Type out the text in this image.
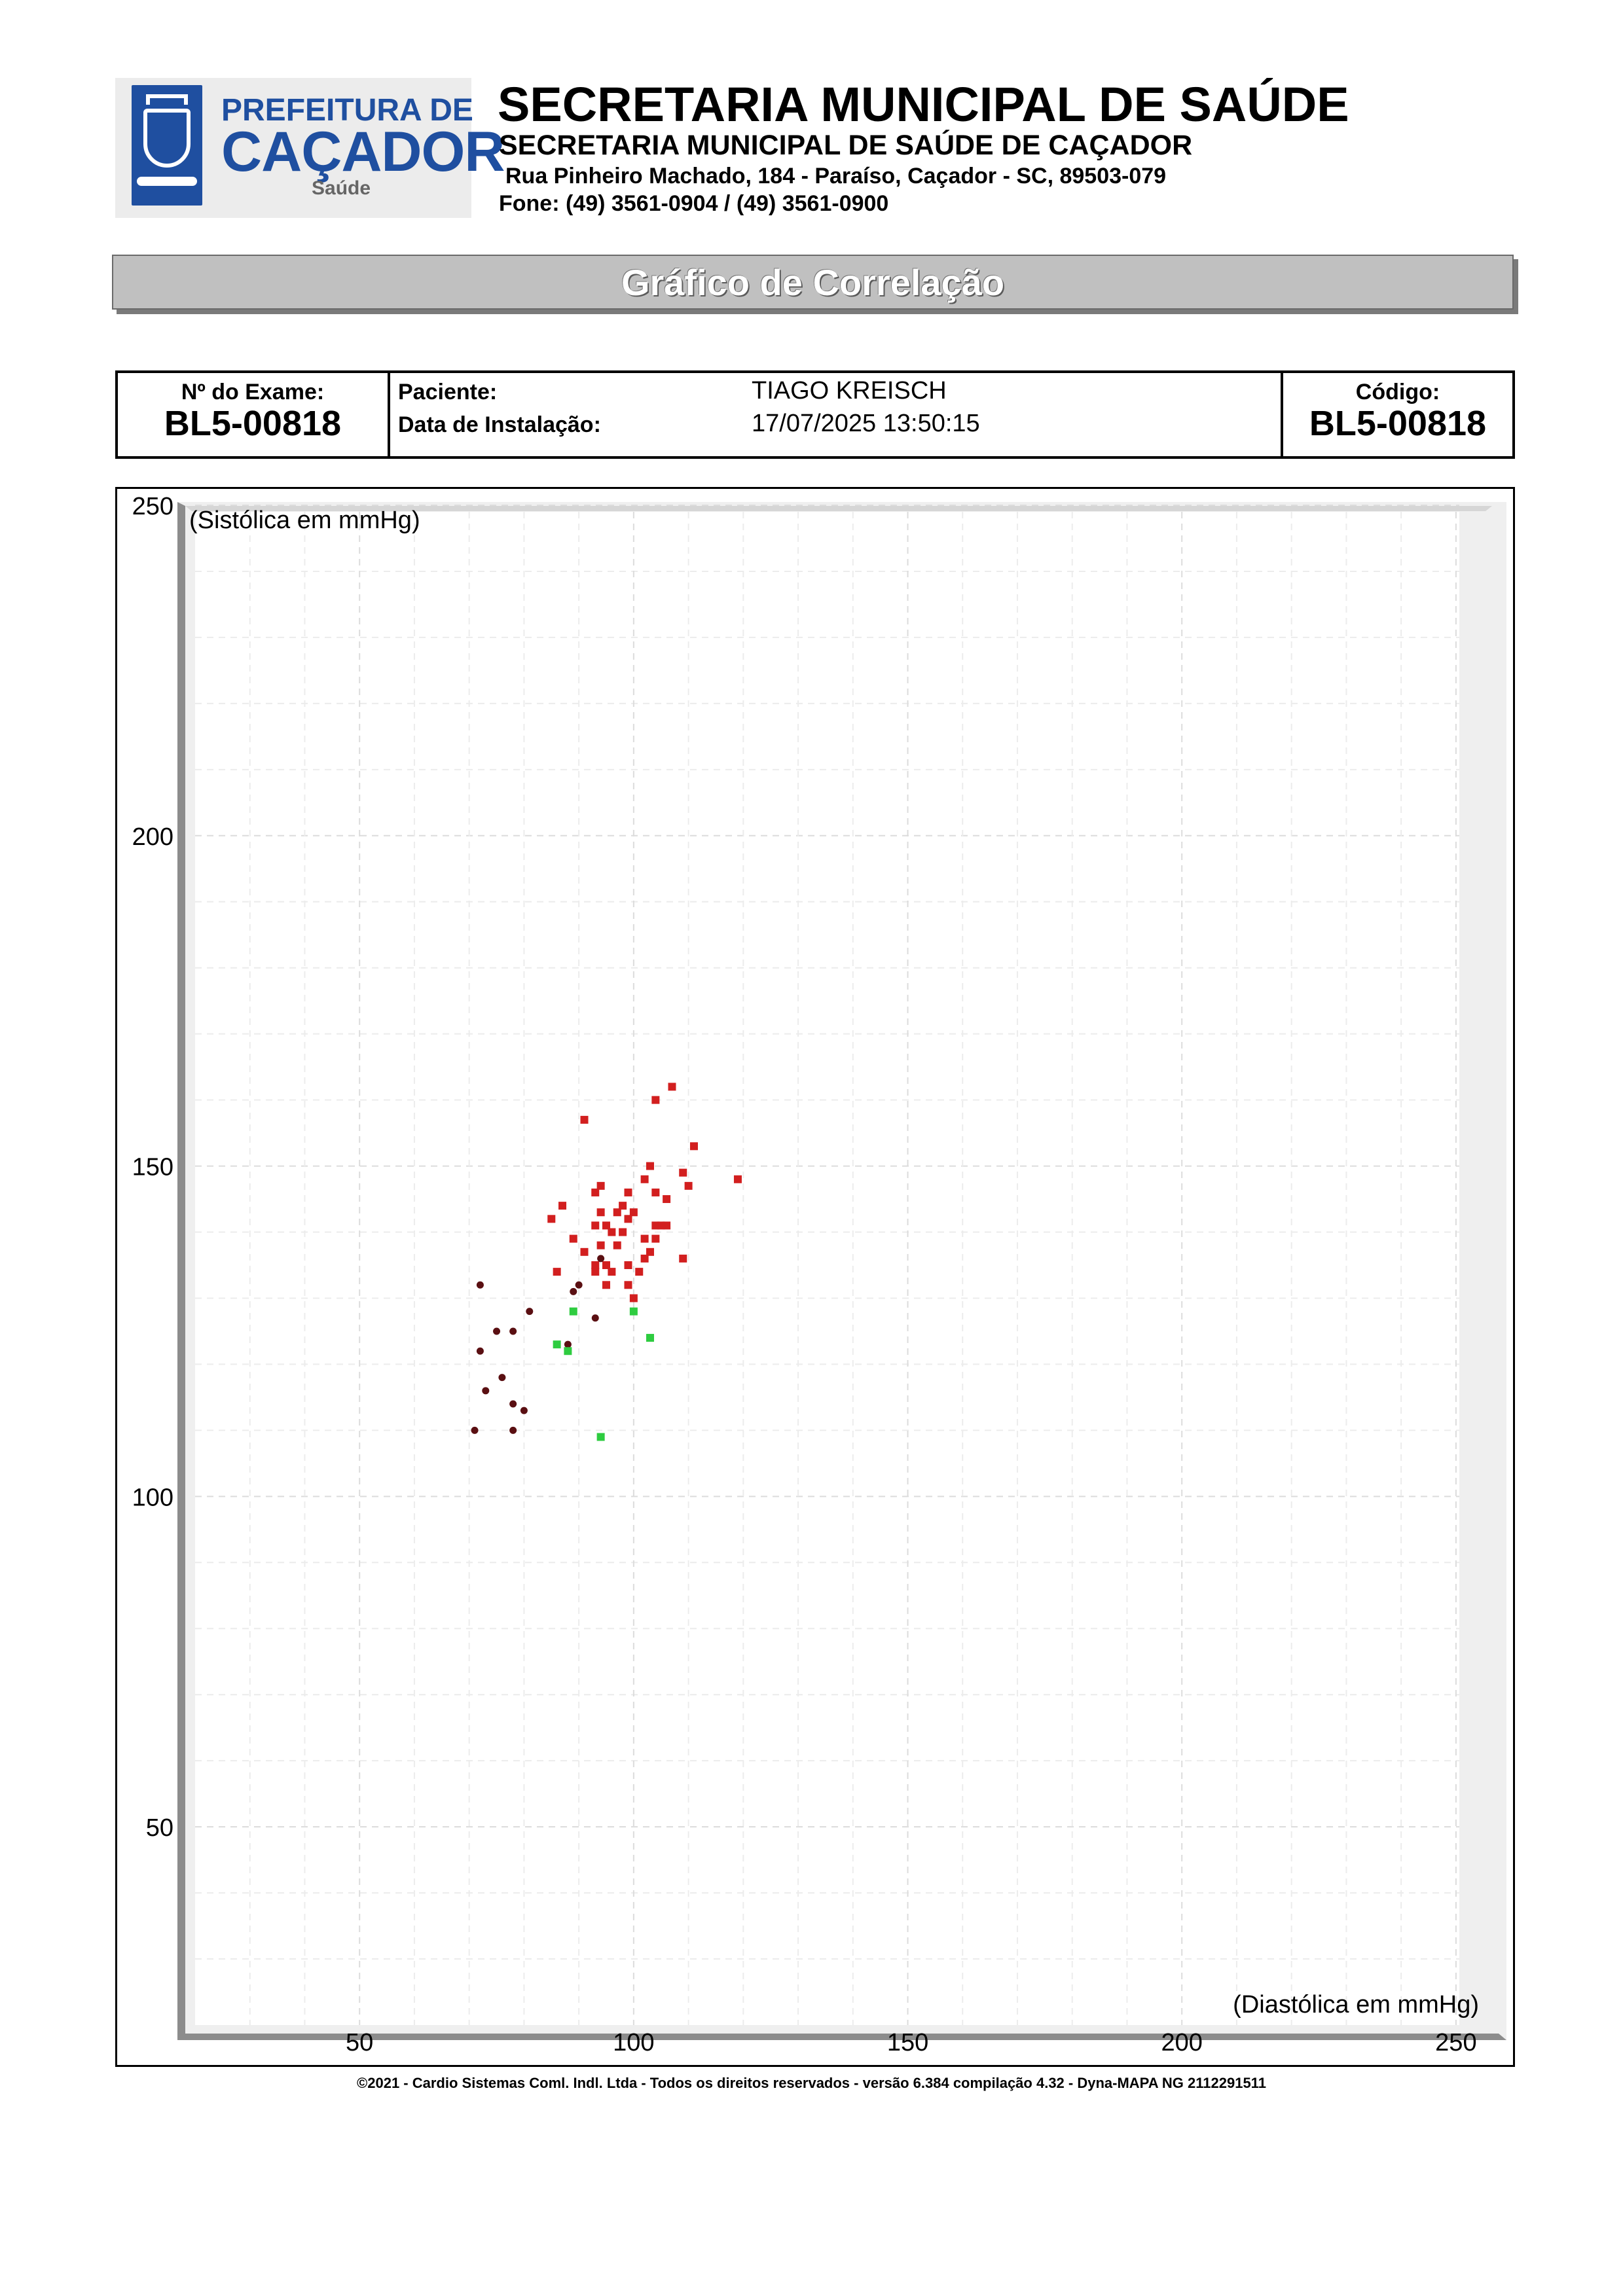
PREFEITURA DE
CAÇADOR
Saúde
SECRETARIA MUNICIPAL DE SAÚDE
SECRETARIA MUNICIPAL DE SAÚDE DE CAÇADOR
Rua Pinheiro Machado, 184 - Paraíso, Caçador - SC, 89503-079
Fone: (49) 3561-0904 / (49) 3561-0900
Gráfico de Correlação
Nº do Exame:
BL5-00818
Paciente:	TIAGO KREISCH
Data de Instalação:	17/07/2025 13:50:15
Código:
BL5-00818
50
100
150
200
250
50	100	150	200	250
(Sistólica em mmHg)
(Diastólica em mmHg)
©2021 - Cardio Sistemas Coml. Indl. Ltda - Todos os direitos reservados - versão 6.384 compilação 4.32 - Dyna-MAPA NG 2112291511
